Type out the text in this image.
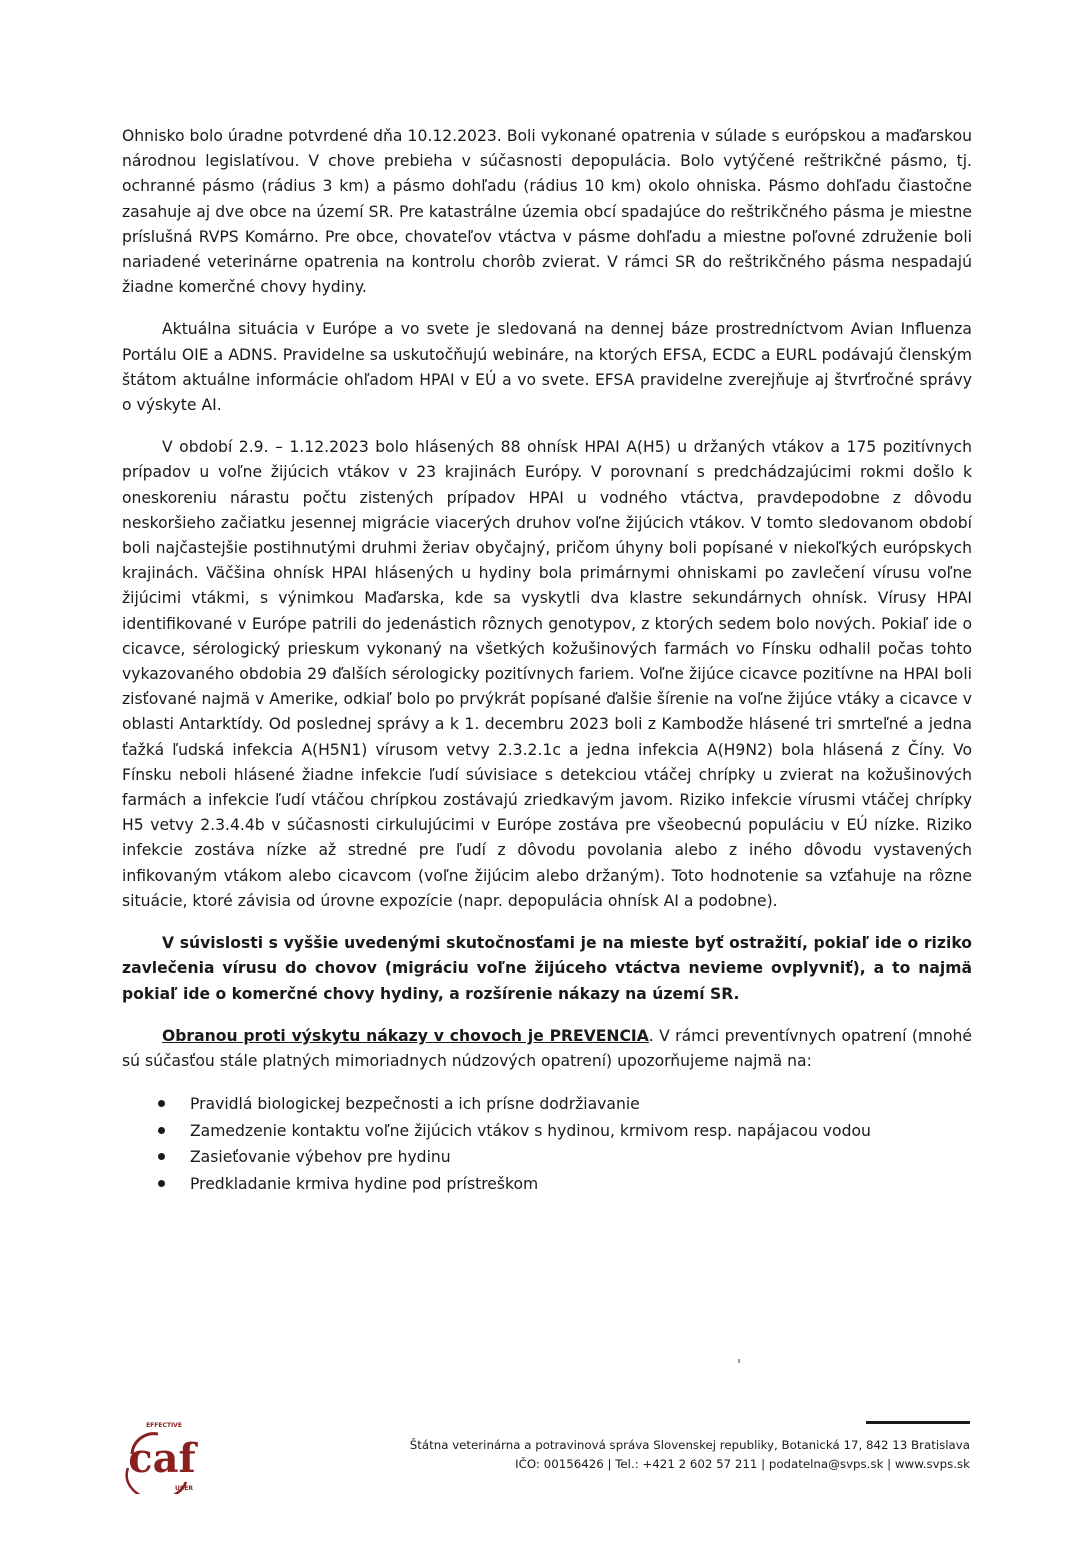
Ohnisko bolo úradne potvrdené dňa 10.12.2023. Boli vykonané opatrenia v súlade s európskou a maďarskou národnou legislatívou. V chove prebieha v súčasnosti depopulácia. Bolo vytýčené reštrikčné pásmo, tj. ochranné pásmo (rádius 3 km) a pásmo dohľadu (rádius 10 km) okolo ohniska. Pásmo dohľadu čiastočne zasahuje aj dve obce na území SR. Pre katastrálne územia obcí spadajúce do reštrikčného pásma je miestne príslušná RVPS Komárno. Pre obce, chovateľov vtáctva v pásme dohľadu a miestne poľovné združenie boli nariadené veterinárne opatrenia na kontrolu chorôb zvierat. V rámci SR do reštrikčného pásma nespadajú žiadne komerčné chovy hydiny.

Aktuálna situácia v Európe a vo svete je sledovaná na dennej báze prostredníctvom Avian Influenza Portálu OIE a ADNS. Pravidelne sa uskutočňujú webináre, na ktorých EFSA, ECDC a EURL podávajú členským štátom aktuálne informácie ohľadom HPAI v EÚ a vo svete. EFSA pravidelne zverejňuje aj štvrťročné správy o výskyte AI.

V období 2.9. – 1.12.2023 bolo hlásených 88 ohnísk HPAI A(H5) u držaných vtákov a 175 pozitívnych prípadov u voľne žijúcich vtákov v 23 krajinách Európy. V porovnaní s predchádzajúcimi rokmi došlo k oneskoreniu nárastu počtu zistených prípadov HPAI u vodného vtáctva, pravdepodobne z dôvodu neskoršieho začiatku jesennej migrácie viacerých druhov voľne žijúcich vtákov. V tomto sledovanom období boli najčastejšie postihnutými druhmi žeriav obyčajný, pričom úhyny boli popísané v niekoľkých európskych krajinách. Väčšina ohnísk HPAI hlásených u hydiny bola primárnymi ohniskami po zavlečení vírusu voľne žijúcimi vtákmi, s výnimkou Maďarska, kde sa vyskytli dva klastre sekundárnych ohnísk. Vírusy HPAI identifikované v Európe patrili do jedenástich rôznych genotypov, z ktorých sedem bolo nových. Pokiaľ ide o cicavce, sérologický prieskum vykonaný na všetkých kožušinových farmách vo Fínsku odhalil počas tohto vykazovaného obdobia 29 ďalších sérologicky pozitívnych fariem. Voľne žijúce cicavce pozitívne na HPAI boli zisťované najmä v Amerike, odkiaľ bolo po prvýkrát popísané ďalšie šírenie na voľne žijúce vtáky a cicavce v oblasti Antarktídy. Od poslednej správy a k 1. decembru 2023 boli z Kambodže hlásené tri smrteľné a jedna ťažká ľudská infekcia A(H5N1) vírusom vetvy 2.3.2.1c a jedna infekcia A(H9N2) bola hlásená z Číny. Vo Fínsku neboli hlásené žiadne infekcie ľudí súvisiace s detekciou vtáčej chrípky u zvierat na kožušinových farmách a infekcie ľudí vtáčou chrípkou zostávajú zriedkavým javom. Riziko infekcie vírusmi vtáčej chrípky H5 vetvy 2.3.4.4b v súčasnosti cirkulujúcimi v Európe zostáva pre všeobecnú populáciu v EÚ nízke. Riziko infekcie zostáva nízke až stredné pre ľudí z dôvodu povolania alebo z iného dôvodu vystavených infikovaným vtákom alebo cicavcom (voľne žijúcim alebo držaným). Toto hodnotenie sa vzťahuje na rôzne situácie, ktoré závisia od úrovne expozície (napr. depopulácia ohnísk AI a podobne).

V súvislosti s vyššie uvedenými skutočnosťami je na mieste byť ostražití, pokiaľ ide o riziko zavlečenia vírusu do chovov (migráciu voľne žijúceho vtáctva nevieme ovplyvniť), a to najmä pokiaľ ide o komerčné chovy hydiny, a rozšírenie nákazy na území SR.

Obranou proti výskytu nákazy v chovoch je PREVENCIA. V rámci preventívnych opatrení (mnohé sú súčasťou stále platných mimoriadnych núdzových opatrení) upozorňujeme najmä na:

Pravidlá biologickej bezpečnosti a ich prísne dodržiavanie
Zamedzenie kontaktu voľne žijúcich vtákov s hydinou, krmivom resp. napájacou vodou
Zasieťovanie výbehov pre hydinu
Predkladanie krmiva hydine pod prístreškom
EFFECTIVE
caf
USER
Štátna veterinárna a potravinová správa Slovenskej republiky, Botanická 17, 842 13 Bratislava
IČO: 00156426 | Tel.: +421 2 602 57 211 | podatelna@svps.sk | www.svps.sk
